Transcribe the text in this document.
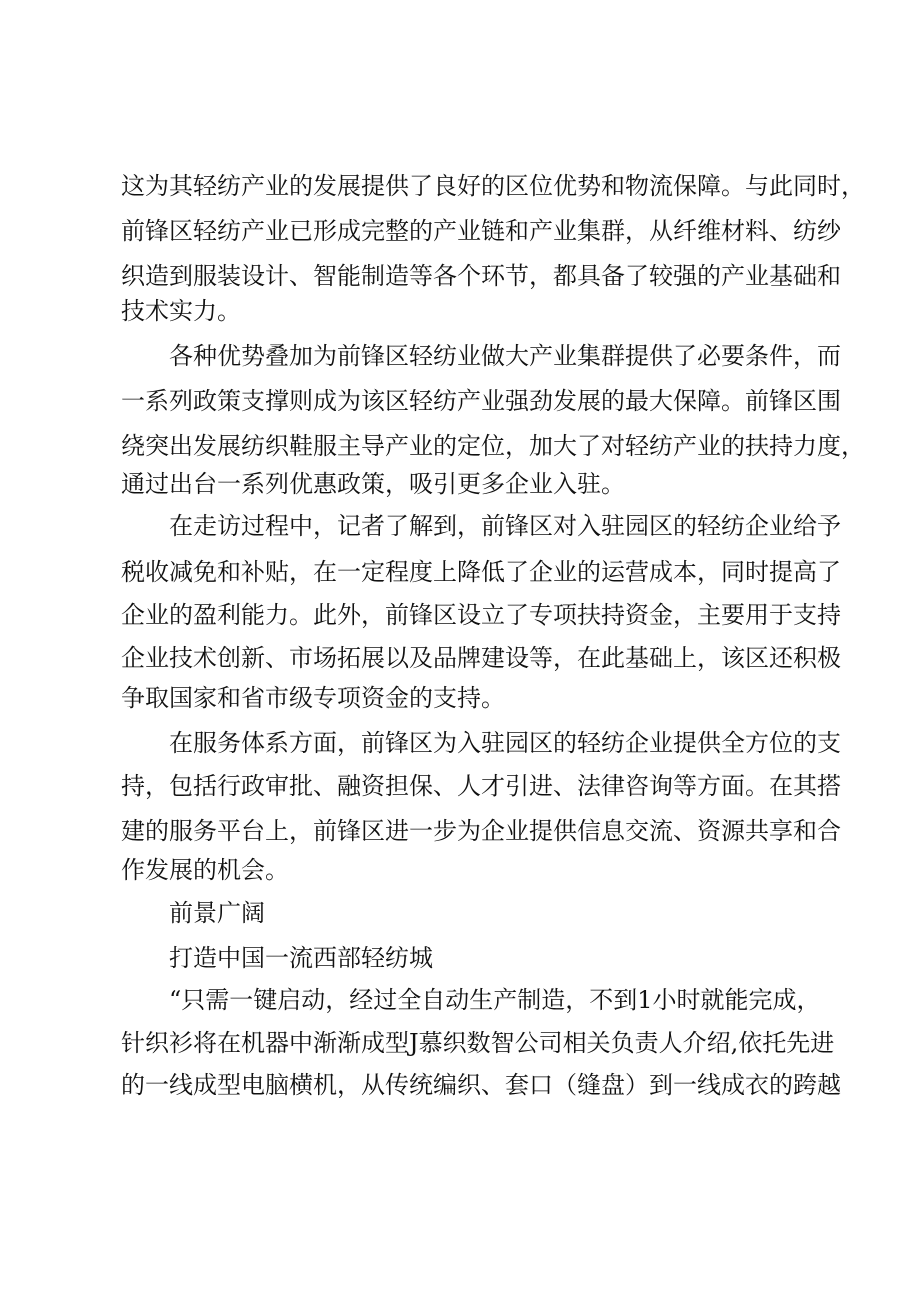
这为其轻纺产业的发展提供了良好的区位优势和物流保障。与此同时，
前锋区轻纺产业已形成完整的产业链和产业集群，从纤维材料、纺纱
织造到服装设计、智能制造等各个环节，都具备了较强的产业基础和
技术实力。
各种优势叠加为前锋区轻纺业做大产业集群提供了必要条件，而
一系列政策支撑则成为该区轻纺产业强劲发展的最大保障。前锋区围
绕突出发展纺织鞋服主导产业的定位，加大了对轻纺产业的扶持力度，
通过出台一系列优惠政策，吸引更多企业入驻。
在走访过程中，记者了解到，前锋区对入驻园区的轻纺企业给予
税收减免和补贴，在一定程度上降低了企业的运营成本，同时提高了
企业的盈利能力。此外，前锋区设立了专项扶持资金，主要用于支持
企业技术创新、市场拓展以及品牌建设等，在此基础上，该区还积极
争取国家和省市级专项资金的支持。
在服务体系方面，前锋区为入驻园区的轻纺企业提供全方位的支
持，包括行政审批、融资担保、人才引进、法律咨询等方面。在其搭
建的服务平台上，前锋区进一步为企业提供信息交流、资源共享和合
作发展的机会。
前景广阔
打造中国一流西部轻纺城
“只需一键启动，经过全自动生产制造，不到1小时就能完成，
针织衫将在机器中渐渐成型J慕织数智公司相关负责人介绍,依托先进
的一线成型电脑横机，从传统编织、套口（缝盘）到一线成衣的跨越
